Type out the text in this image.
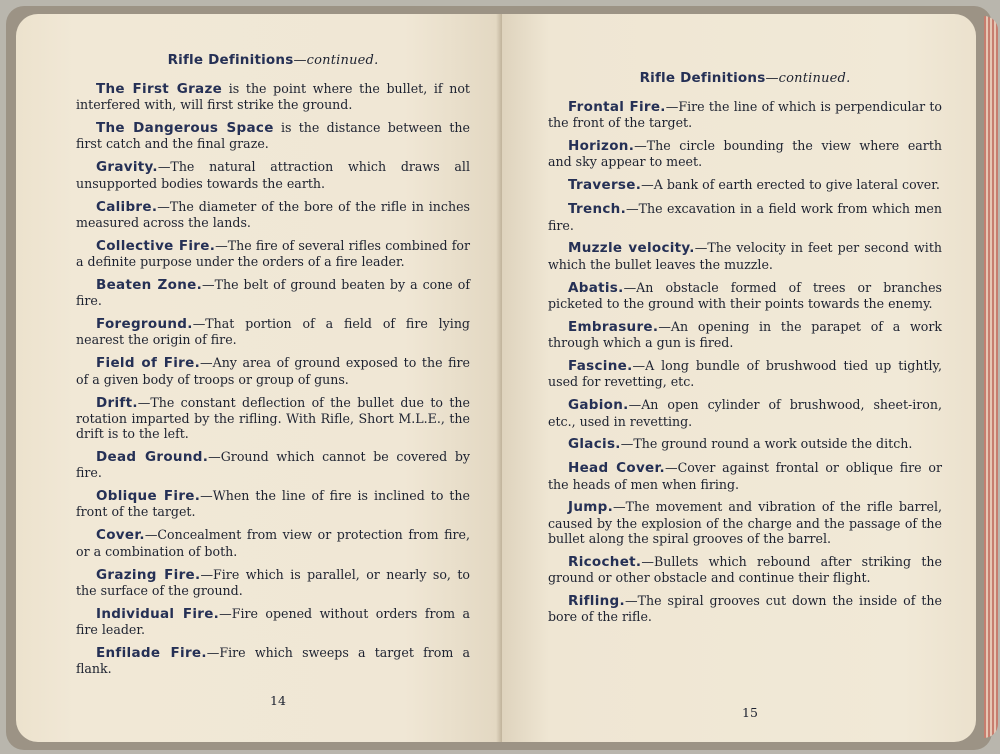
Rifle Definitions—continued.

The First Graze is the point where the bullet, if not interfered with, will first strike the ground.

The Dangerous Space is the distance between the first catch and the final graze.

Gravity.—The natural attraction which draws all unsupported bodies towards the earth.

Calibre.—The diameter of the bore of the rifle in inches measured across the lands.

Collective Fire.—The fire of several rifles combined for a definite purpose under the orders of a fire leader.

Beaten Zone.—The belt of ground beaten by a cone of fire.

Foreground.—That portion of a field of fire lying nearest the origin of fire.

Field of Fire.—Any area of ground exposed to the fire of a given body of troops or group of guns.

Drift.—The constant deflection of the bullet due to the rotation imparted by the rifling. With Rifle, Short M.L.E., the drift is to the left.

Dead Ground.—Ground which cannot be covered by fire.

Oblique Fire.—When the line of fire is inclined to the front of the target.

Cover.—Concealment from view or protection from fire, or a combination of both.

Grazing Fire.—Fire which is parallel, or nearly so, to the surface of the ground.

Individual Fire.—Fire opened without orders from a fire leader.

Enfilade Fire.—Fire which sweeps a target from a flank.

14
Rifle Definitions—continued.

Frontal Fire.—Fire the line of which is perpendicular to the front of the target.

Horizon.—The circle bounding the view where earth and sky appear to meet.

Traverse.—A bank of earth erected to give lateral cover.

Trench.—The excavation in a field work from which men fire.

Muzzle velocity.—The velocity in feet per second with which the bullet leaves the muzzle.

Abatis.—An obstacle formed of trees or branches picketed to the ground with their points towards the enemy.

Embrasure.—An opening in the parapet of a work through which a gun is fired.

Fascine.—A long bundle of brushwood tied up tightly, used for revetting, etc.

Gabion.—An open cylinder of brushwood, sheet-iron, etc., used in revetting.

Glacis.—The ground round a work outside the ditch.

Head Cover.—Cover against frontal or oblique fire or the heads of men when firing.

Jump.—The movement and vibration of the rifle barrel, caused by the explosion of the charge and the passage of the bullet along the spiral grooves of the barrel.

Ricochet.—Bullets which rebound after striking the ground or other obstacle and continue their flight.

Rifling.—The spiral grooves cut down the inside of the bore of the rifle.

15
